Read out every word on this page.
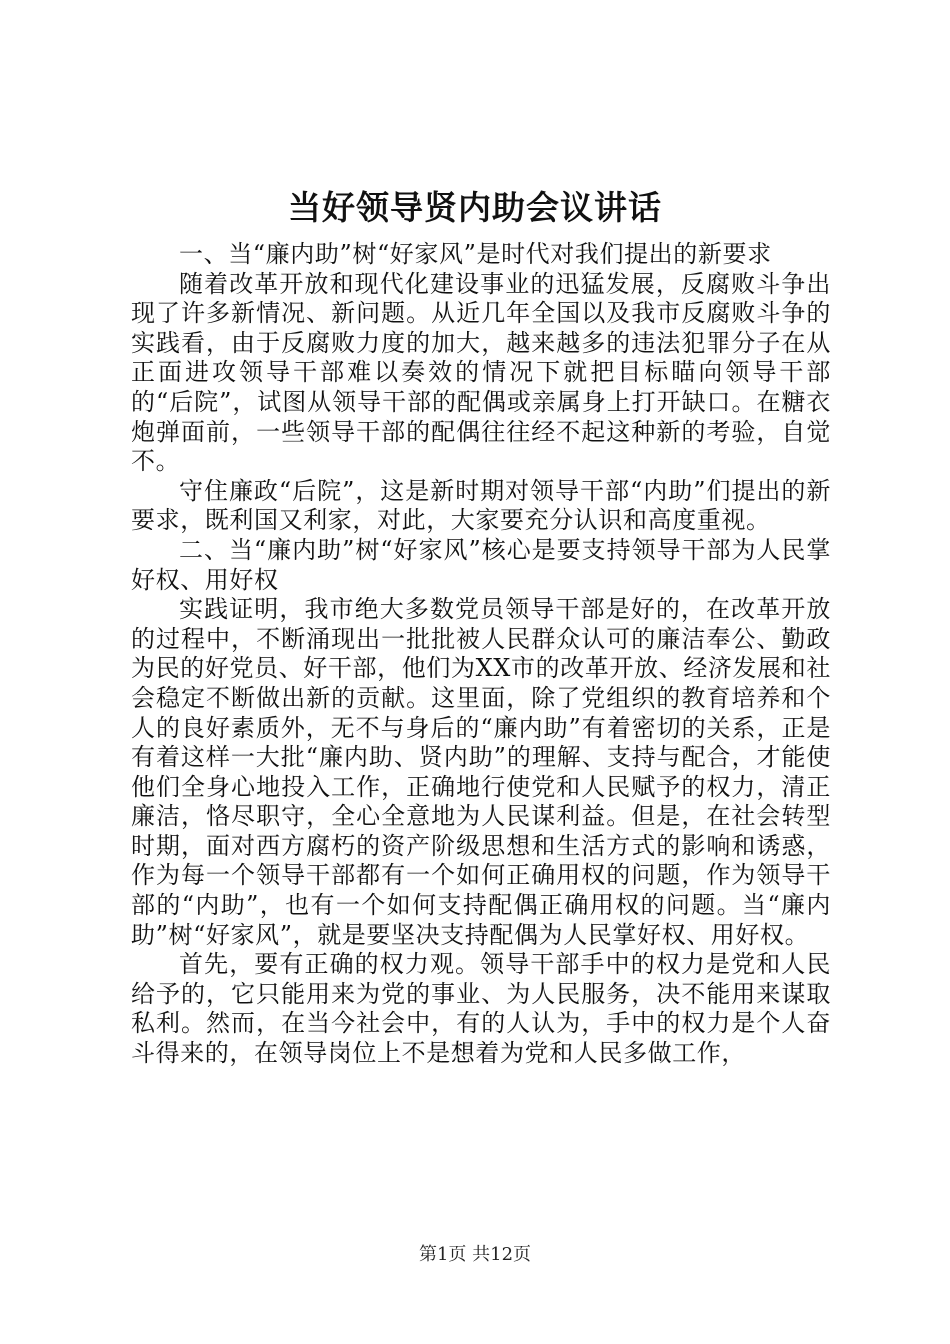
当好领导贤内助会议讲话

一、当“廉内助”树“好家风”是时代对我们提出的新要求

随着改革开放和现代化建设事业的迅猛发展，反腐败斗争出现了许多新情况、新问题。从近几年全国以及我市反腐败斗争的实践看，由于反腐败力度的加大，越来越多的违法犯罪分子在从正面进攻领导干部难以奏效的情况下就把目标瞄向领导干部的“后院”，试图从领导干部的配偶或亲属身上打开缺口。在糖衣炮弹面前，一些领导干部的配偶往往经不起这种新的考验，自觉不。

守住廉政“后院”，这是新时期对领导干部“内助”们提出的新要求，既利国又利家，对此，大家要充分认识和高度重视。

二、当“廉内助”树“好家风”核心是要支持领导干部为人民掌好权、用好权

实践证明，我市绝大多数党员领导干部是好的，在改革开放的过程中，不断涌现出一批批被人民群众认可的廉洁奉公、勤政为民的好党员、好干部，他们为XX市的改革开放、经济发展和社会稳定不断做出新的贡献。这里面，除了党组织的教育培养和个人的良好素质外，无不与身后的“廉内助”有着密切的关系，正是有着这样一大批“廉内助、贤内助”的理解、支持与配合，才能使他们全身心地投入工作，正确地行使党和人民赋予的权力，清正廉洁，恪尽职守，全心全意地为人民谋利益。但是，在社会转型时期，面对西方腐朽的资产阶级思想和生活方式的影响和诱惑，作为每一个领导干部都有一个如何正确用权的问题，作为领导干部的“内助”，也有一个如何支持配偶正确用权的问题。当“廉内助”树“好家风”，就是要坚决支持配偶为人民掌好权、用好权。

首先，要有正确的权力观。领导干部手中的权力是党和人民给予的，它只能用来为党的事业、为人民服务，决不能用来谋取私利。然而，在当今社会中，有的人认为，手中的权力是个人奋斗得来的，在领导岗位上不是想着为党和人民多做工作，

第1页 共12页
